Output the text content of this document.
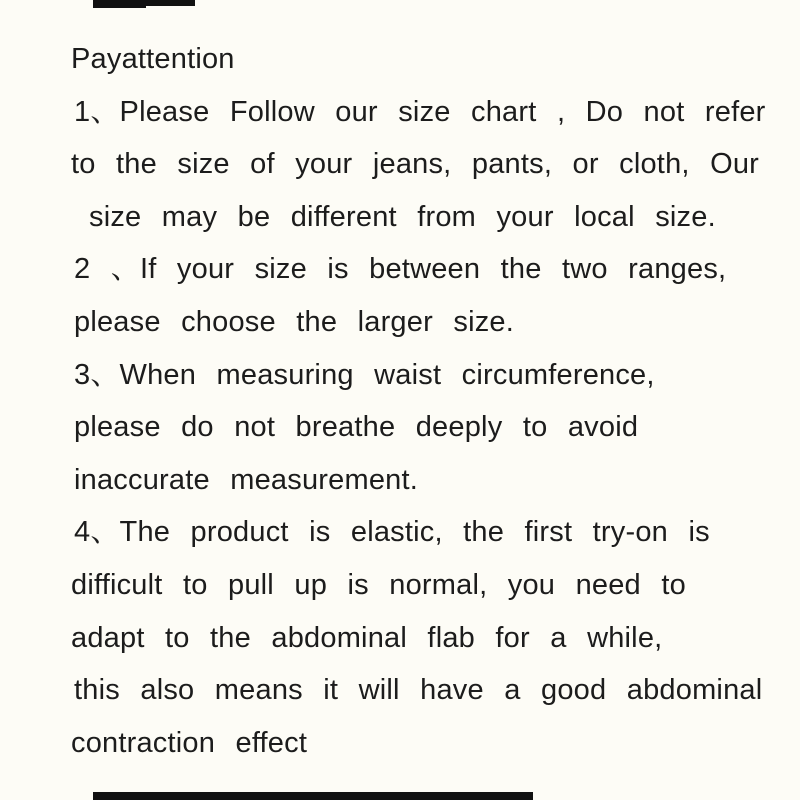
Payattention
1、Please Follow our size chart , Do not refer
to the size of your jeans, pants, or cloth, Our
size may be different from your local size.
2 、If your size is between the two ranges,
please choose the larger size.
3、When measuring waist circumference,
please do not breathe deeply to avoid
inaccurate measurement.
4、The product is elastic, the first try-on is
difficult to pull up is normal, you need to
adapt to the abdominal flab for a while,
this also means it will have a good abdominal
contraction effect
